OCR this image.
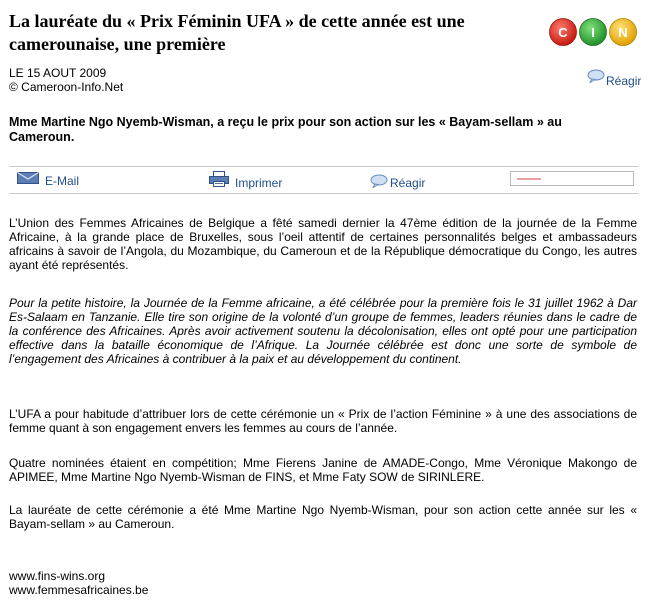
La lauréate du « Prix Féminin UFA » de cette année est une camerounaise, une première
C I N
LE 15 AOUT 2009
© Cameroon-Info.Net	Réagir

Mme Martine Ngo Nyemb-Wisman, a reçu le prix pour son action sur les « Bayam-sellam » au Cameroun.

E-Mail	Imprimer	Réagir

L’Union des Femmes Africaines de Belgique a fêté samedi dernier la 47ème édition de la journée de la Femme Africaine, à la grande place de Bruxelles, sous l’oeil attentif de certaines personnalités belges et ambassadeurs africains à savoir de l’Angola, du Mozambique, du Cameroun et de la République démocratique du Congo, les autres ayant été représentés.

Pour la petite histoire, la Journée de la Femme africaine, a été célébrée pour la première fois le 31 juillet 1962 à Dar Es-Salaam en Tanzanie. Elle tire son origine de la volonté d’un groupe de femmes, leaders réunies dans le cadre de la conférence des Africaines. Après avoir activement soutenu la décolonisation, elles ont opté pour une participation effective dans la bataille économique de l’Afrique. La Journée célébrée est donc une sorte de symbole de l’engagement des Africaines à contribuer à la paix et au développement du continent.

L’UFA a pour habitude d’attribuer lors de cette cérémonie un « Prix de l’action Féminine » à une des associations de femme quant à son engagement envers les femmes au cours de l’année.

Quatre nominées étaient en compétition; Mme Fierens Janine de AMADE-Congo, Mme Véronique Makongo de APIMEE, Mme Martine Ngo Nyemb-Wisman de FINS, et Mme Faty SOW de SIRINLERE.

La lauréate de cette cérémonie a été Mme Martine Ngo Nyemb-Wisman, pour son action cette année sur les « Bayam-sellam » au Cameroun.

www.fins-wins.org
www.femmesafricaines.be
